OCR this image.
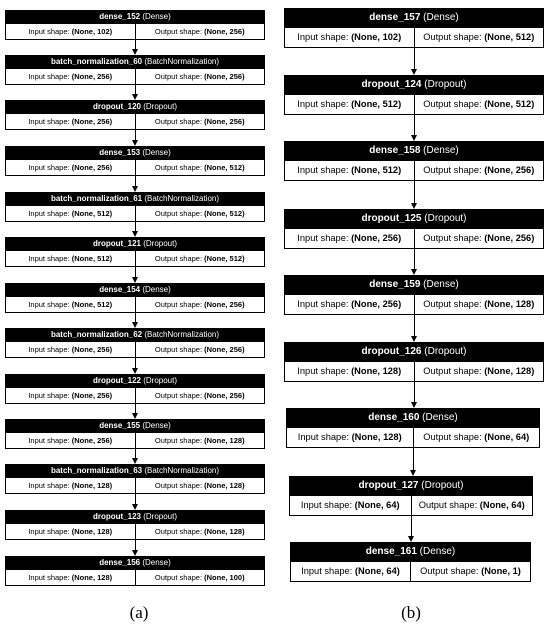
dense_152 (Dense)
Input shape: (None, 102)	Output shape: (None, 256)
batch_normalization_60 (BatchNormalization)
Input shape: (None, 256)	Output shape: (None, 256)
dropout_120 (Dropout)
Input shape: (None, 256)	Output shape: (None, 256)
dense_153 (Dense)
Input shape: (None, 256)	Output shape: (None, 512)
batch_normalization_61 (BatchNormalization)
Input shape: (None, 512)	Output shape: (None, 512)
dropout_121 (Dropout)
Input shape: (None, 512)	Output shape: (None, 512)
dense_154 (Dense)
Input shape: (None, 512)	Output shape: (None, 256)
batch_normalization_62 (BatchNormalization)
Input shape: (None, 256)	Output shape: (None, 256)
dropout_122 (Dropout)
Input shape: (None, 256)	Output shape: (None, 256)
dense_155 (Dense)
Input shape: (None, 256)	Output shape: (None, 128)
batch_normalization_63 (BatchNormalization)
Input shape: (None, 128)	Output shape: (None, 128)
dropout_123 (Dropout)
Input shape: (None, 128)	Output shape: (None, 128)
dense_156 (Dense)
Input shape: (None, 128)	Output shape: (None, 100)
dense_157 (Dense)
Input shape: (None, 102)	Output shape: (None, 512)
dropout_124 (Dropout)
Input shape: (None, 512)	Output shape: (None, 512)
dense_158 (Dense)
Input shape: (None, 512)	Output shape: (None, 256)
dropout_125 (Dropout)
Input shape: (None, 256)	Output shape: (None, 256)
dense_159 (Dense)
Input shape: (None, 256)	Output shape: (None, 128)
dropout_126 (Dropout)
Input shape: (None, 128)	Output shape: (None, 128)
dense_160 (Dense)
Input shape: (None, 128)	Output shape: (None, 64)
dropout_127 (Dropout)
Input shape: (None, 64)	Output shape: (None, 64)
dense_161 (Dense)
Input shape: (None, 64)	Output shape: (None, 1)
(a)	(b)
